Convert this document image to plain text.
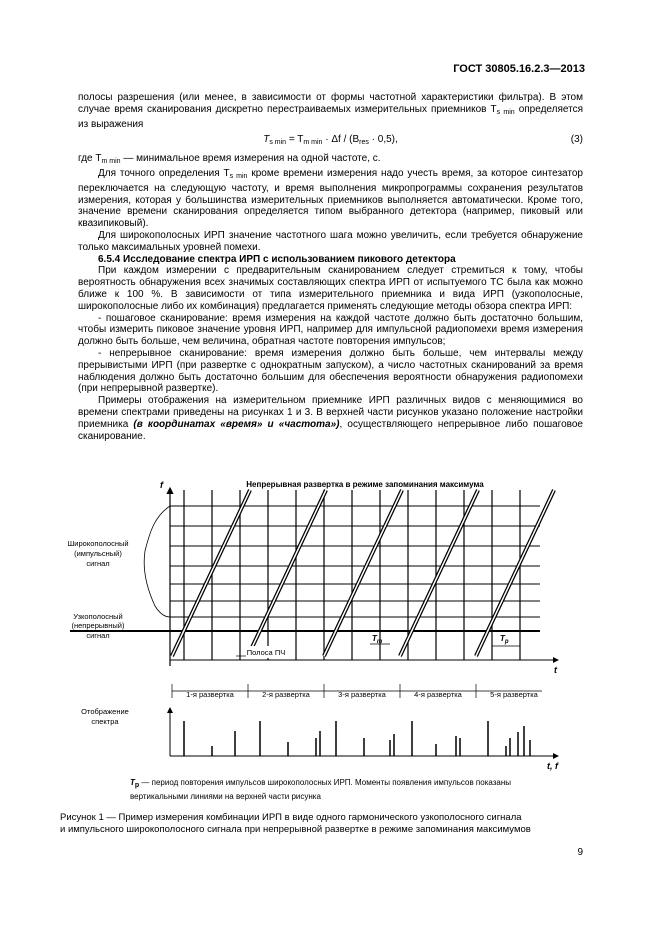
ГОСТ 30805.16.2.3—2013

полосы разрешения (или менее, в зависимости от формы частотной характеристики фильтра). В этом случае время сканирования дискретно перестраиваемых измерительных приемников $T_{s min}$ определяется из выражения

$T_{s min} = T_{m min} \cdot \Delta f / (B_{res} \cdot 0,5)$,	(3)

где $T_{m min}$ — минимальное время измерения на одной частоте, с.

Для точного определения $T_{s min}$ кроме времени измерения надо учесть время, за которое синтезатор переключается на следующую частоту, и время выполнения микропрограммы сохранения результатов измерения, которая у большинства измерительных приемников выполняется автоматически. Кроме того, значение времени сканирования определяется типом выбранного детектора (например, пиковый или квазипиковый).

Для широкополосных ИРП значение частотного шага можно увеличить, если требуется обнаружение только максимальных уровней помехи.

6.5.4 Исследование спектра ИРП с использованием пикового детектора

При каждом измерении с предварительным сканированием следует стремиться к тому, чтобы вероятность обнаружения всех значимых составляющих спектра ИРП от испытуемого ТС была как можно ближе к 100 %. В зависимости от типа измерительного приемника и вида ИРП (узкополосные, широкополосные либо их комбинация) предлагается применять следующие методы обзора спектра ИРП:

- пошаговое сканирование: время измерения на каждой частоте должно быть достаточно большим, чтобы измерить пиковое значение уровня ИРП, например для импульсной радиопомехи время измерения должно быть больше, чем величина, обратная частоте повторения импульсов;

- непрерывное сканирование: время измерения должно быть больше, чем интервалы между прерывистыми ИРП (при развертке с однократным запуском), а число частотных сканирований за время наблюдения должно быть достаточно большим для обеспечения вероятности обнаружения радиопомехи (при непрерывной развертке).

Примеры отображения на измерительном приемнике ИРП различных видов с меняющимися во времени спектрами приведены на рисунках 1 и 3. В верхней части рисунков указано положение настройки приемника (в координатах «время» и «частота»), осуществляющего непрерывное либо пошаговое сканирование.

Непрерывная развертка в режиме запоминания максимума
f
t
Широкополосный
(импульсный)
сигнал
Узкополосный
(непрерывный)
сигнал
Полоса ПЧ
$T_m$	$T_p$
1-я развертка	2-я развертка	3-я развертка	4-я развертка	5-я развертка
Отображение
спектра
t, f
$T_p$ — период повторения импульсов широкополосных ИРП. Моменты появления импульсов показаны вертикальными линиями на верхней части рисунка
Рисунок 1 — Пример измерения комбинации ИРП в виде одного гармонического узкополосного сигнала
и импульсного широкополосного сигнала при непрерывной развертке в режиме запоминания максимумов
9
